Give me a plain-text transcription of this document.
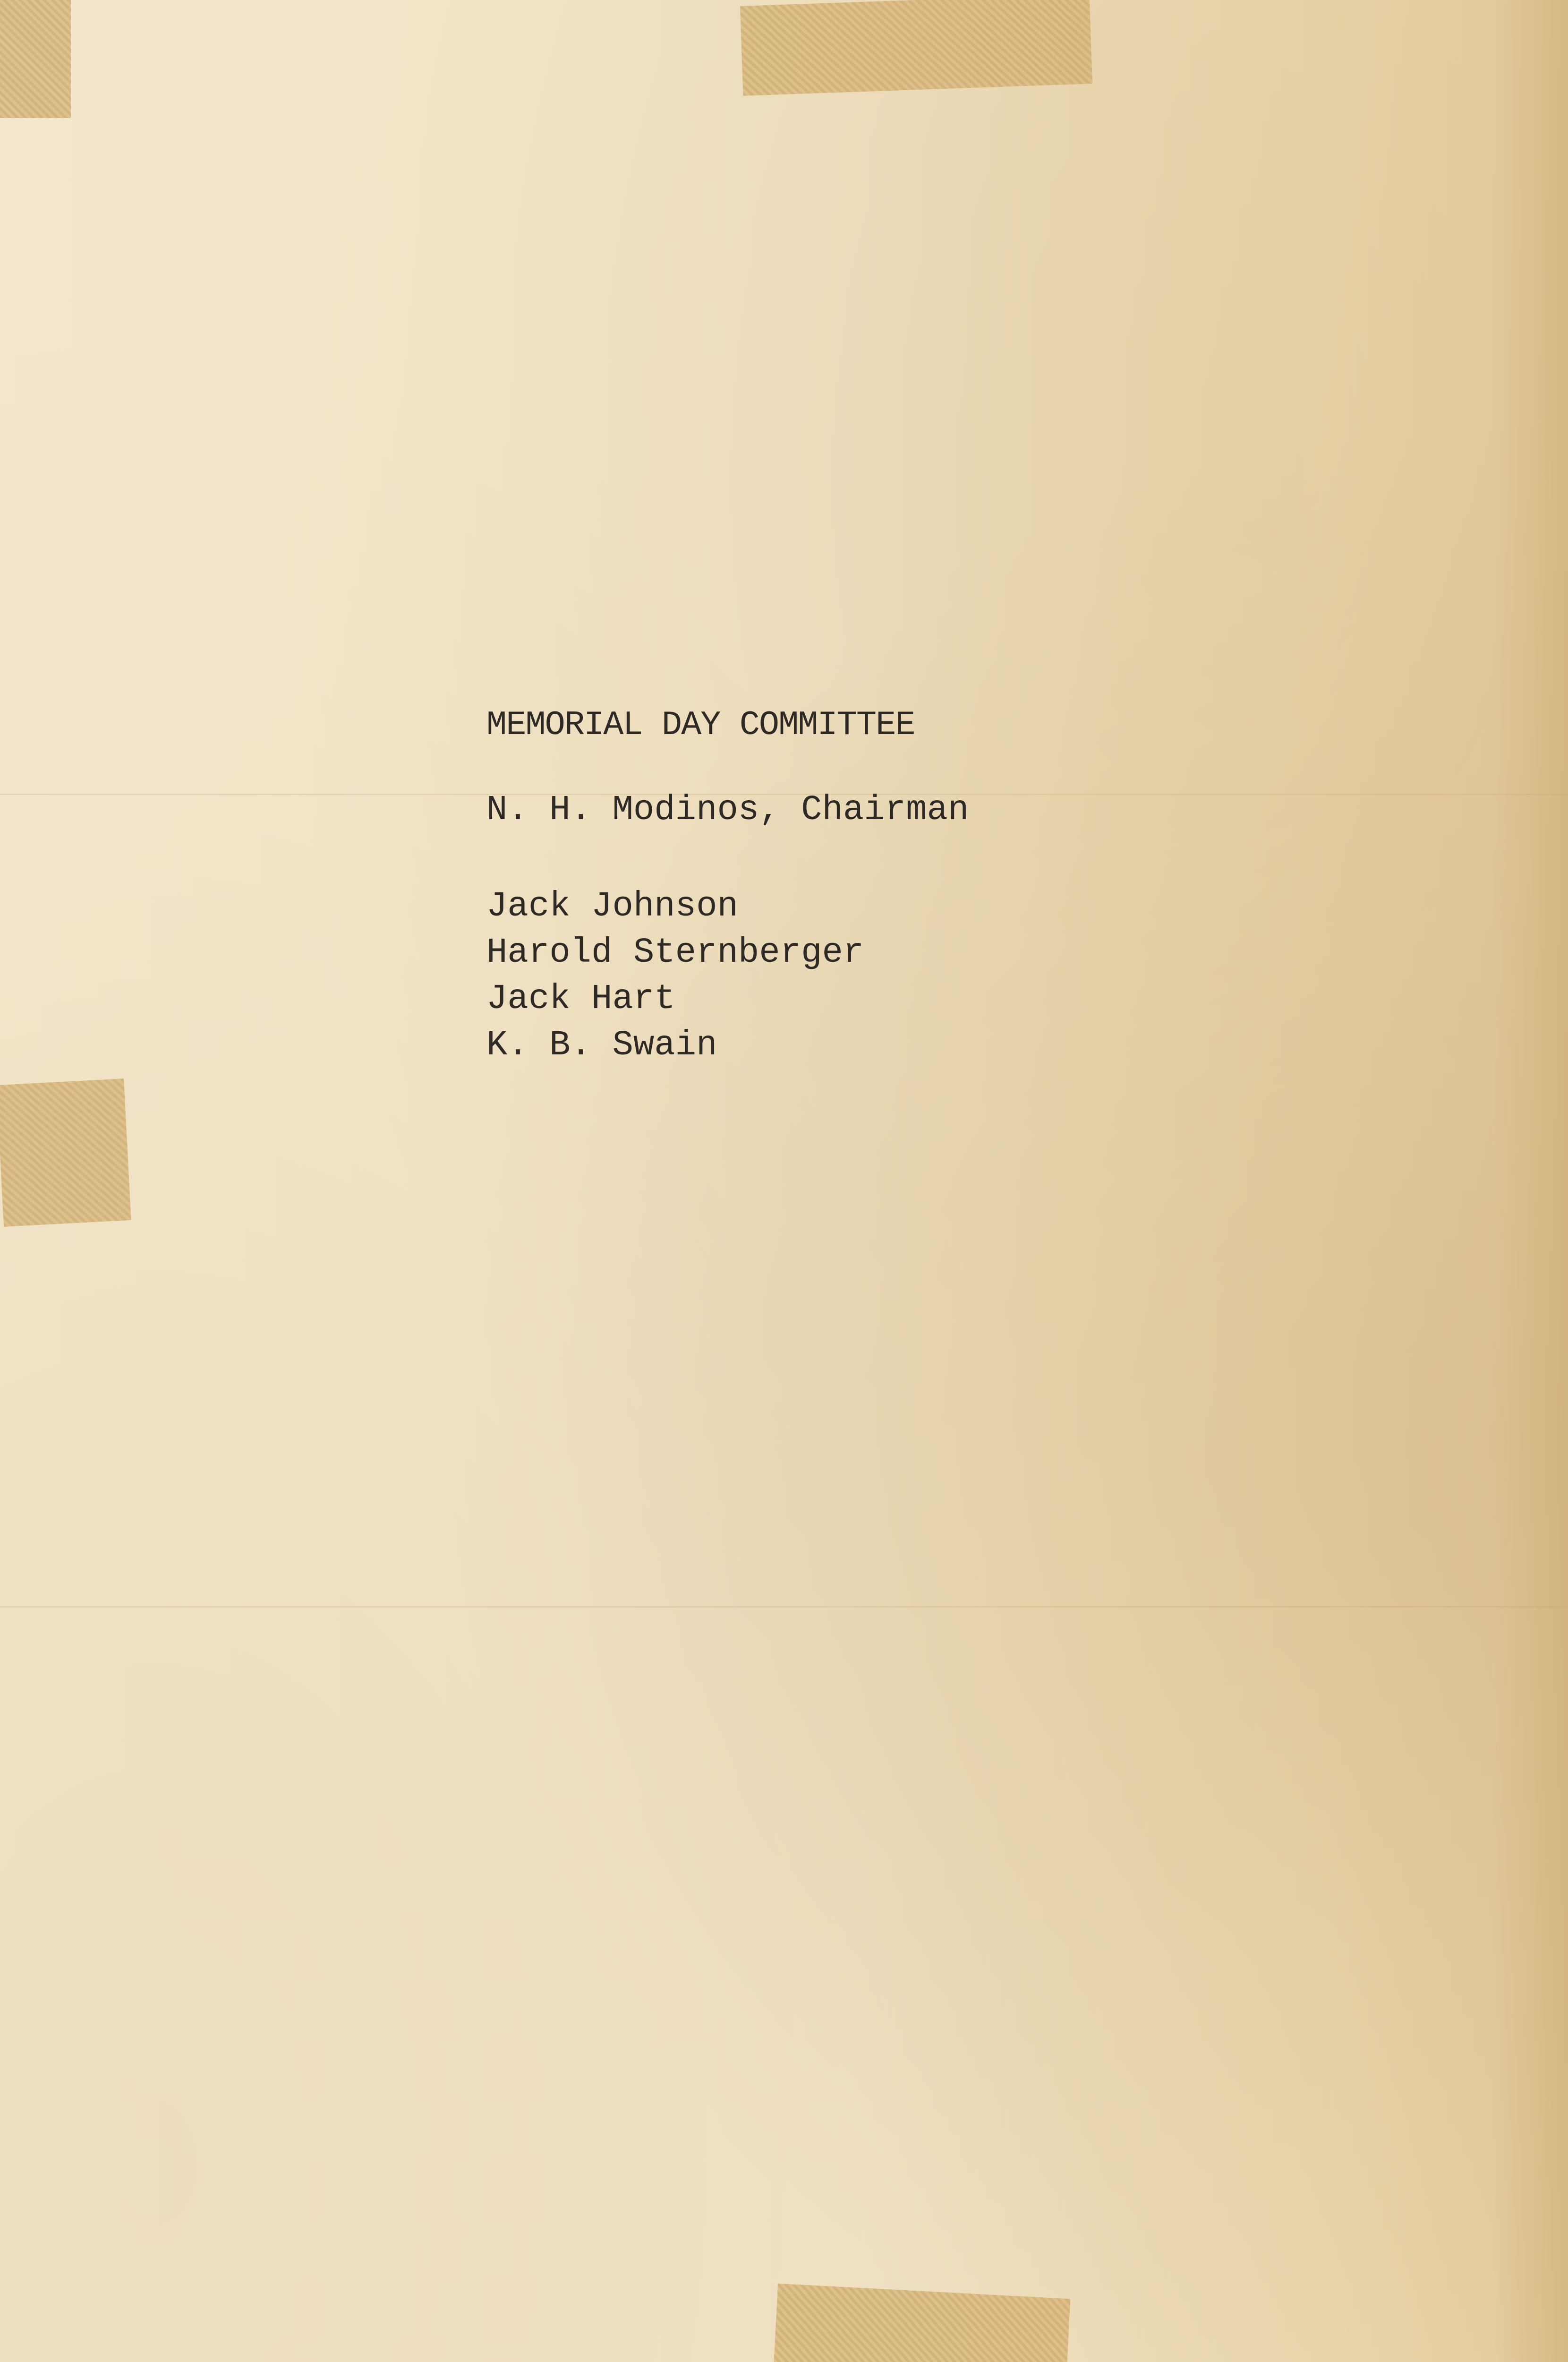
MEMORIAL DAY COMMITTEE
N. H. Modinos, Chairman
Jack Johnson
Harold Sternberger
Jack Hart
K. B. Swain
